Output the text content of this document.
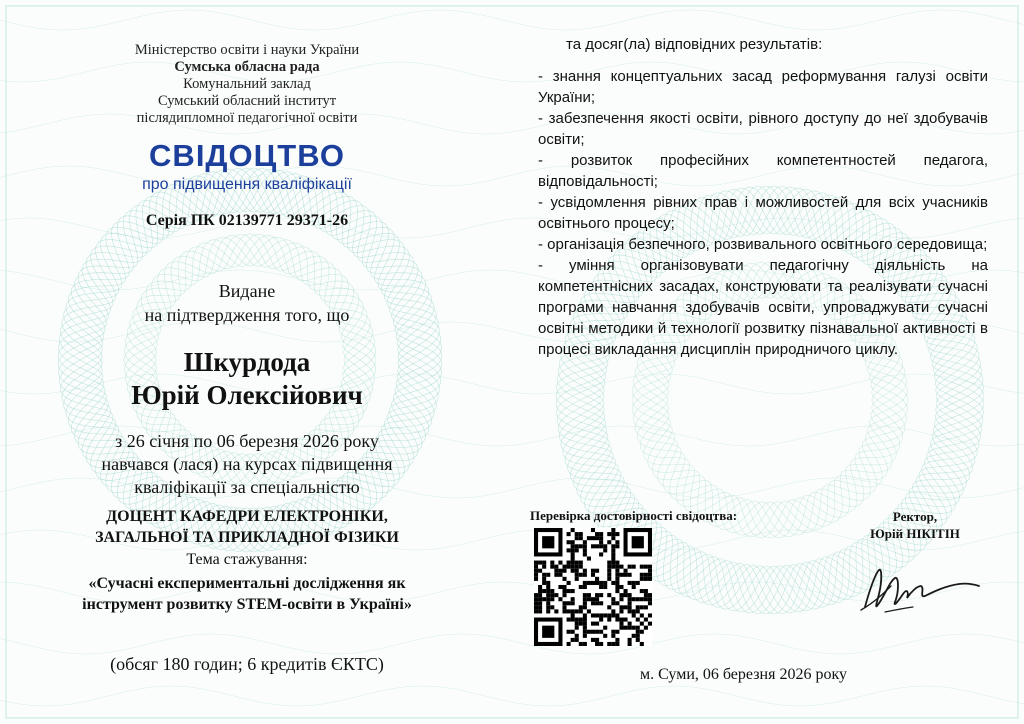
Міністерство освіти і науки України
Сумська обласна рада
Комунальний заклад
Сумський обласний інститут
післядипломної педагогічної освіти
СВІДОЦТВО
про підвищення кваліфікації
Серія ПК 02139771 29371-26
Видане
на підтвердження того, що
Шкурдода
Юрій Олексійович
з 26 січня по 06 березня 2026 року
навчався (лася) на курсах підвищення
кваліфікації за спеціальністю
ДОЦЕНТ КАФЕДРИ ЕЛЕКТРОНІКИ,
ЗАГАЛЬНОЇ ТА ПРИКЛАДНОЇ ФІЗИКИ
Тема стажування:
«Сучасні експериментальні дослідження як
інструмент розвитку STEM-освіти в Україні»
(обсяг 180 годин; 6 кредитів ЄКТС)
та досяг(ла) відповідних результатів:
- знання концептуальних засад реформування галузі освіти України;
- забезпечення якості освіти, рівного доступу до неї здобувачів освіти;
- розвиток професійних компетентностей педагога, відповідальності;
- усвідомлення рівних прав і можливостей для всіх учасників освітнього процесу;
- організація безпечного, розвивального освітнього середовища;
- уміння організовувати педагогічну діяльність на компетентнісних засадах, конструювати та реалізувати сучасні програми навчання здобувачів освіти, упроваджувати сучасні освітні методики й технології розвитку пізнавальної активності в процесі викладання дисциплін природничого циклу.
Перевірка достовірності свідоцтва:	Ректор,
Юрій НІКІТІН
м. Суми, 06 березня 2026 року
